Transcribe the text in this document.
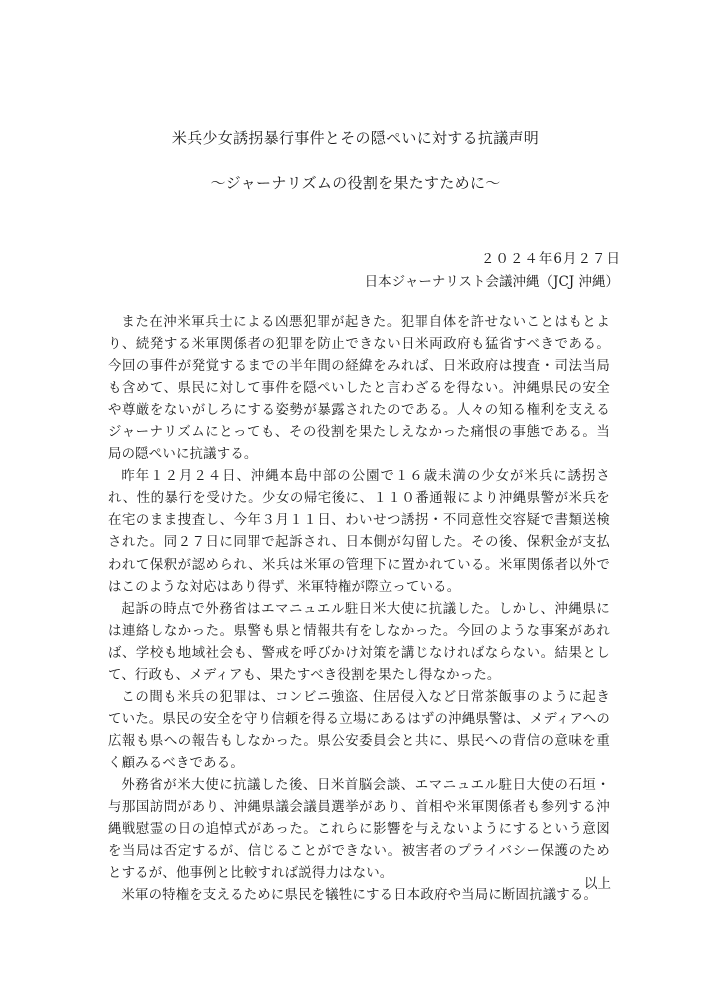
米兵少女誘拐暴行事件とその隠ぺいに対する抗議声明
～ジャーナリズムの役割を果たすために～
２０２４年6月２７日
日本ジャーナリスト会議沖縄（JCJ 沖縄）

また在沖米軍兵士による凶悪犯罪が起きた。犯罪自体を許せないことはもとより、続発する米軍関係者の犯罪を防止できない日米両政府も猛省すべきである。今回の事件が発覚するまでの半年間の経緯をみれば、日米政府は捜査・司法当局も含めて、県民に対して事件を隠ぺいしたと言わざるを得ない。沖縄県民の安全や尊厳をないがしろにする姿勢が暴露されたのである。人々の知る権利を支えるジャーナリズムにとっても、その役割を果たしえなかった痛恨の事態である。当局の隠ぺいに抗議する。

昨年１２月２４日、沖縄本島中部の公園で１６歳未満の少女が米兵に誘拐され、性的暴行を受けた。少女の帰宅後に、１１０番通報により沖縄県警が米兵を在宅のまま捜査し、今年３月１１日、わいせつ誘拐・不同意性交容疑で書類送検された。同２７日に同罪で起訴され、日本側が勾留した。その後、保釈金が支払われて保釈が認められ、米兵は米軍の管理下に置かれている。米軍関係者以外ではこのような対応はあり得ず、米軍特権が際立っている。

起訴の時点で外務省はエマニュエル駐日米大使に抗議した。しかし、沖縄県には連絡しなかった。県警も県と情報共有をしなかった。今回のような事案があれば、学校も地域社会も、警戒を呼びかけ対策を講じなければならない。結果として、行政も、メディアも、果たすべき役割を果たし得なかった。

この間も米兵の犯罪は、コンビニ強盗、住居侵入など日常茶飯事のように起きていた。県民の安全を守り信頼を得る立場にあるはずの沖縄県警は、メディアへの広報も県への報告もしなかった。県公安委員会と共に、県民への背信の意味を重く顧みるべきである。

外務省が米大使に抗議した後、日米首脳会談、エマニュエル駐日大使の石垣・与那国訪問があり、沖縄県議会議員選挙があり、首相や米軍関係者も参列する沖縄戦慰霊の日の追悼式があった。これらに影響を与えないようにするという意図を当局は否定するが、信じることができない。被害者のプライバシー保護のためとするが、他事例と比較すれば説得力はない。

米軍の特権を支えるために県民を犠牲にする日本政府や当局に断固抗議する。

以上
